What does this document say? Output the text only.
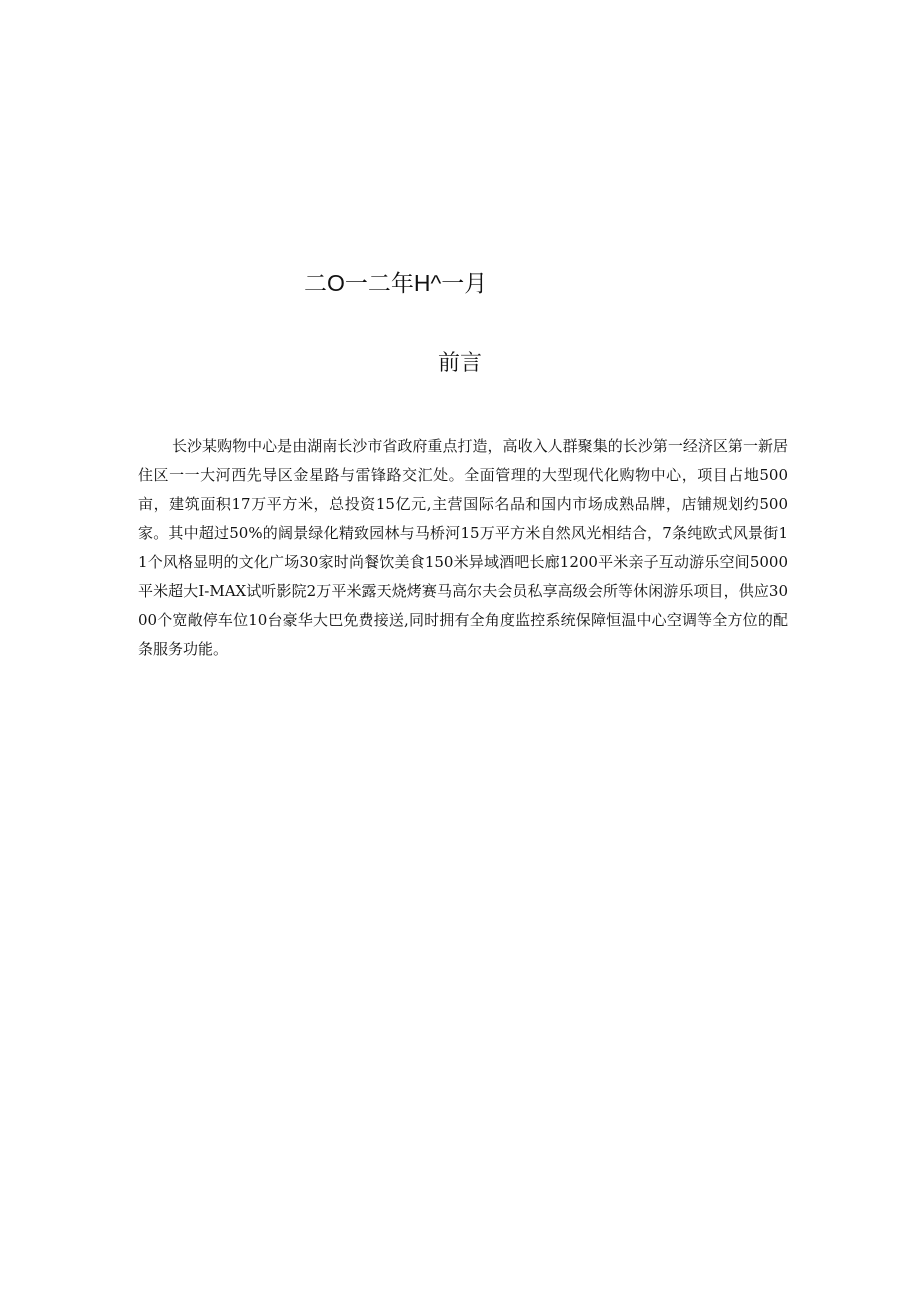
二O一二年H^一月
前言

长沙某购物中心是由湖南长沙市省政府重点打造，高收入人群聚集的长沙第一经济区第一新居住区一一大河西先导区金星路与雷锋路交汇处。全面管理的大型现代化购物中心，项目占地500亩，建筑面积17万平方米，总投资15亿元,主营国际名品和国内市场成熟品牌，店铺规划约500家。其中超过50%的阔景绿化精致园林与马桥河15万平方米自然风光相结合，7条纯欧式风景街11个风格显明的文化广场30家时尚餐饮美食150米异域酒吧长廊1200平米亲子互动游乐空间5000平米超大I-MAX试听影院2万平米露天烧烤赛马高尔夫会员私享高级会所等休闲游乐项目，供应3000个宽敞停车位10台豪华大巴免费接送,同时拥有全角度监控系统保障恒温中心空调等全方位的配条服务功能。
